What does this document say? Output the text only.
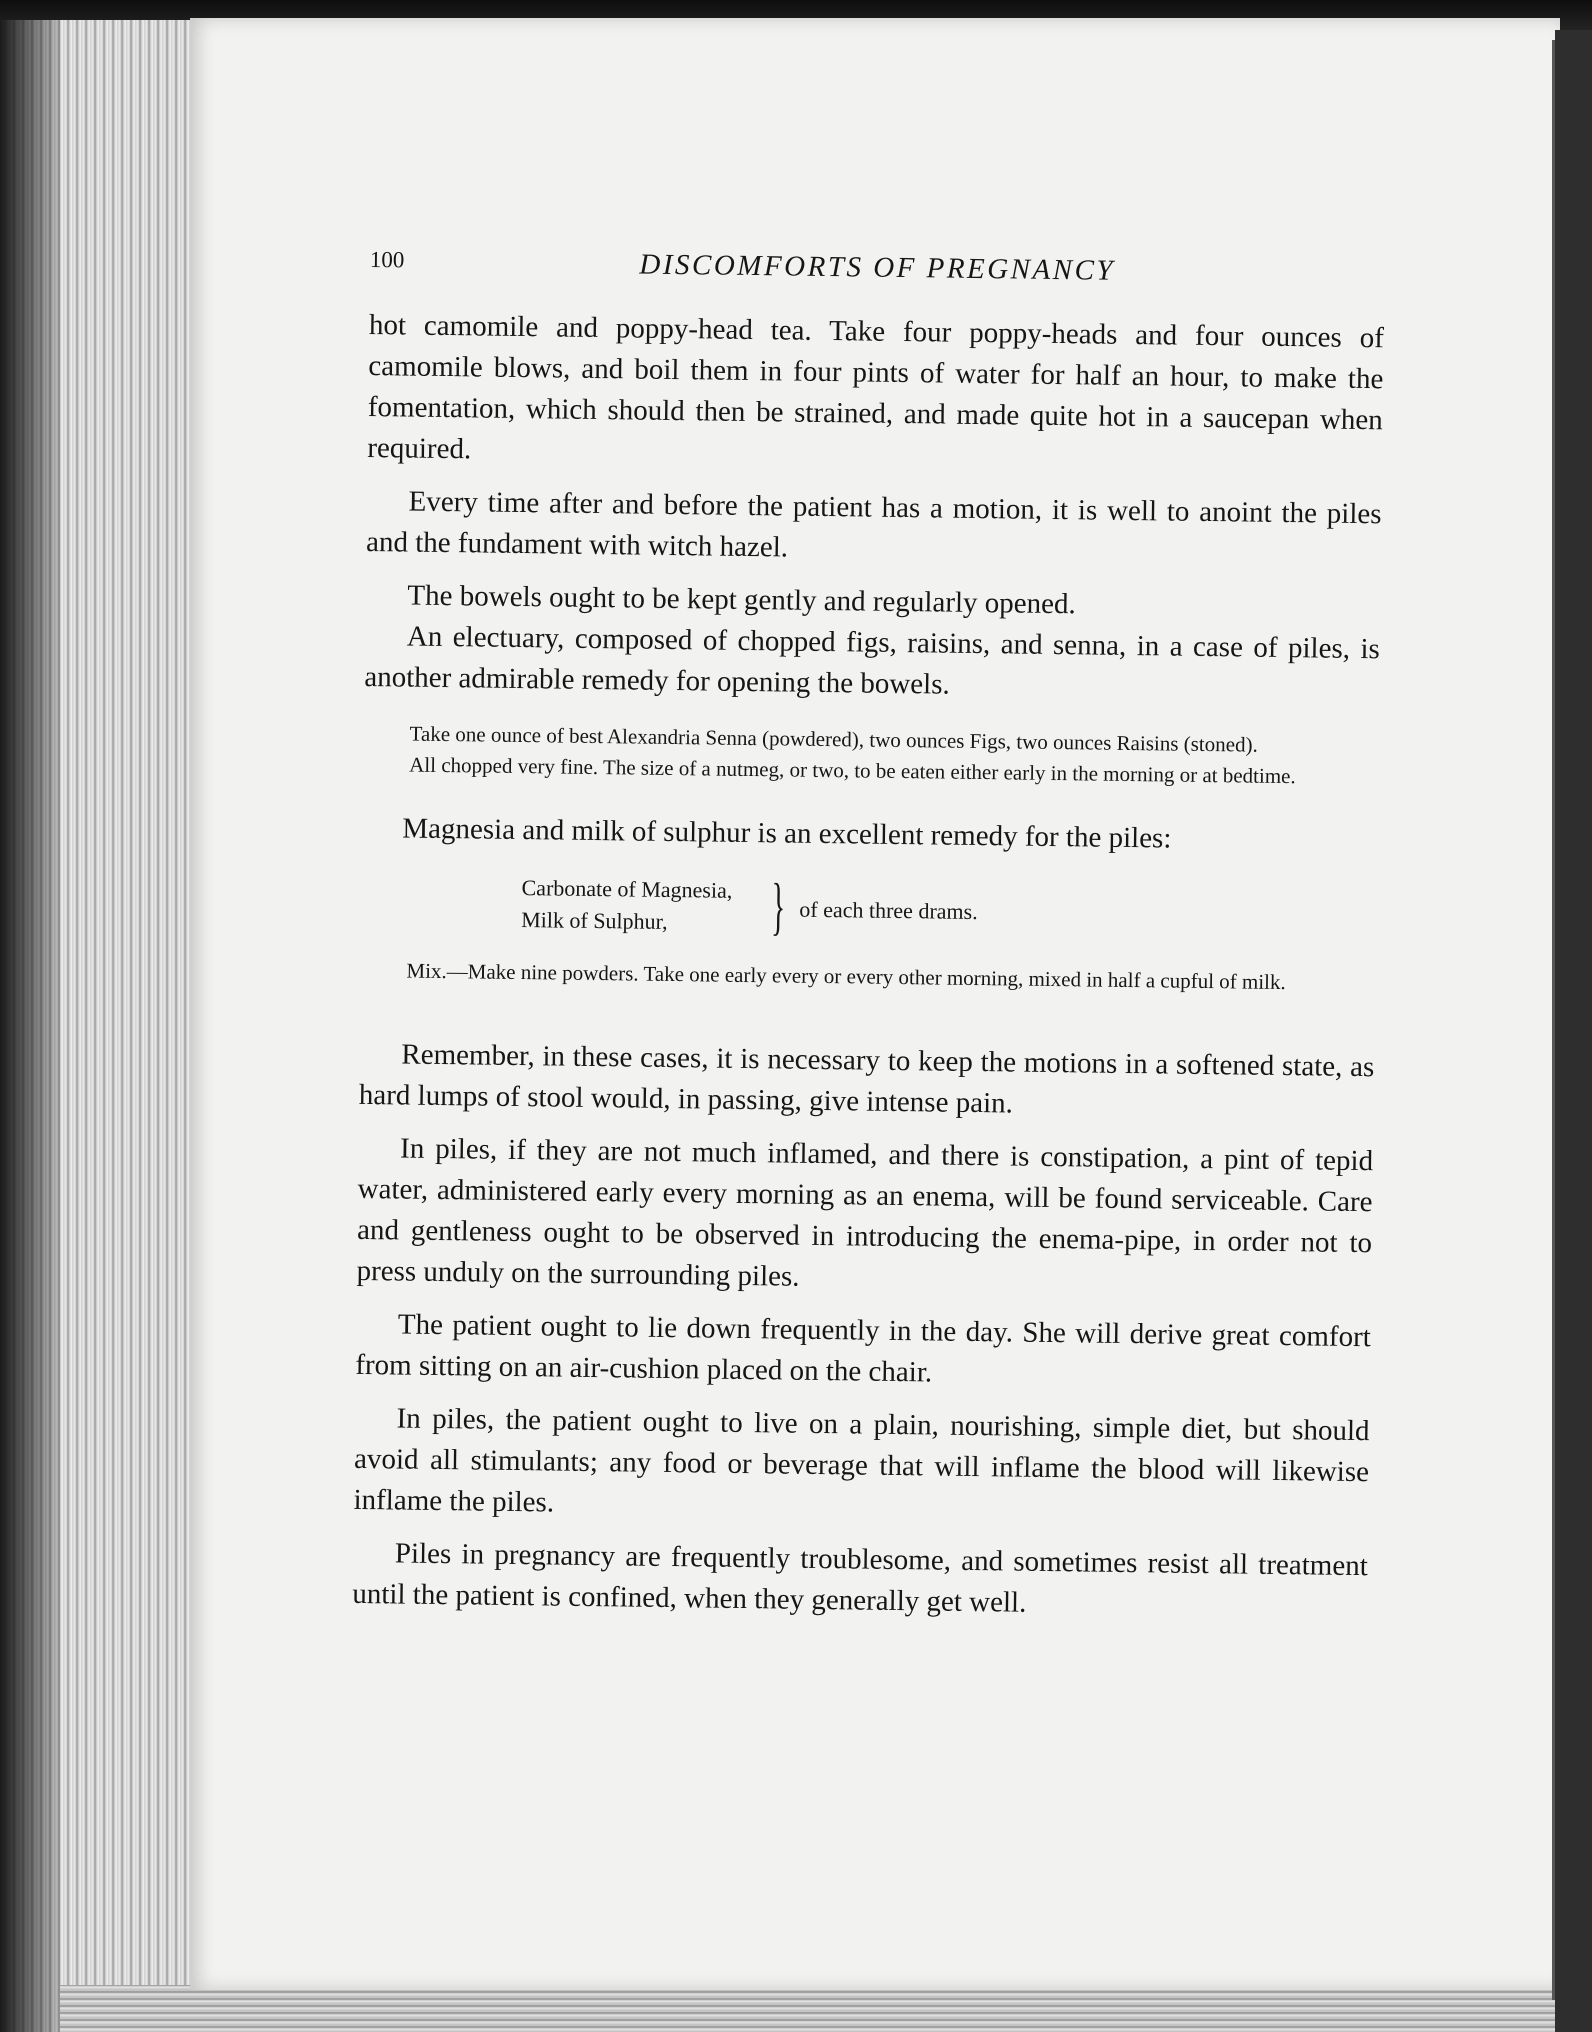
100	DISCOMFORTS OF PREGNANCY

hot camomile and poppy-head tea. Take four poppy-heads and four ounces of camomile blows, and boil them in four pints of water for half an hour, to make the fomentation, which should then be strained, and made quite hot in a saucepan when required.

Every time after and before the patient has a motion, it is well to anoint the piles and the fundament with witch hazel.

The bowels ought to be kept gently and regularly opened.

An electuary, composed of chopped figs, raisins, and senna, in a case of piles, is another admirable remedy for opening the bowels.

Take one ounce of best Alexandria Senna (powdered), two ounces Figs, two ounces Raisins (stoned).

All chopped very fine. The size of a nutmeg, or two, to be eaten either early in the morning or at bedtime.

Magnesia and milk of sulphur is an excellent remedy for the piles:

Carbonate of Magnesia,
Milk of Sulphur, } of each three drams.

Mix.—Make nine powders. Take one early every or every other morning, mixed in half a cupful of milk.

Remember, in these cases, it is necessary to keep the motions in a softened state, as hard lumps of stool would, in passing, give intense pain.

In piles, if they are not much inflamed, and there is constipation, a pint of tepid water, administered early every morning as an enema, will be found serviceable. Care and gentleness ought to be observed in introducing the enema-pipe, in order not to press unduly on the surrounding piles.

The patient ought to lie down frequently in the day. She will derive great comfort from sitting on an air-cushion placed on the chair.

In piles, the patient ought to live on a plain, nourishing, simple diet, but should avoid all stimulants; any food or beverage that will inflame the blood will likewise inflame the piles.

Piles in pregnancy are frequently troublesome, and sometimes resist all treatment until the patient is confined, when they generally get well.
